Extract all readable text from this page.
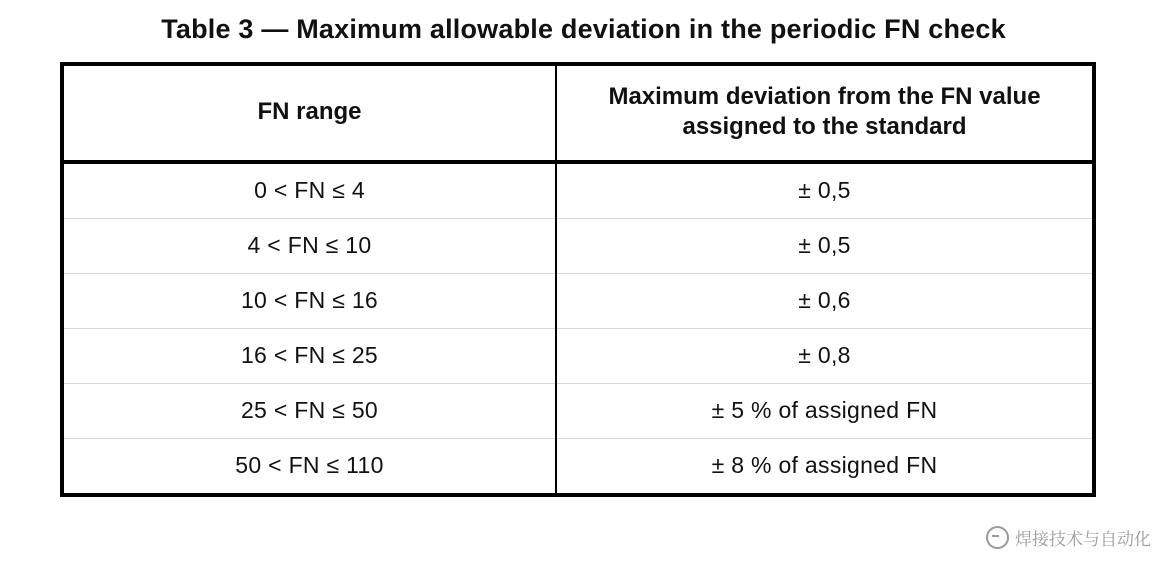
Table 3 — Maximum allowable deviation in the periodic FN check
FN range	Maximum deviation from the FN value assigned to the standard
0 < FN ≤ 4	± 0,5
4 < FN ≤ 10	± 0,5
10 < FN ≤ 16	± 0,6
16 < FN ≤ 25	± 0,8
25 < FN ≤ 50	± 5 % of assigned FN
50 < FN ≤ 110	± 8 % of assigned FN
焊接技术与自动化
